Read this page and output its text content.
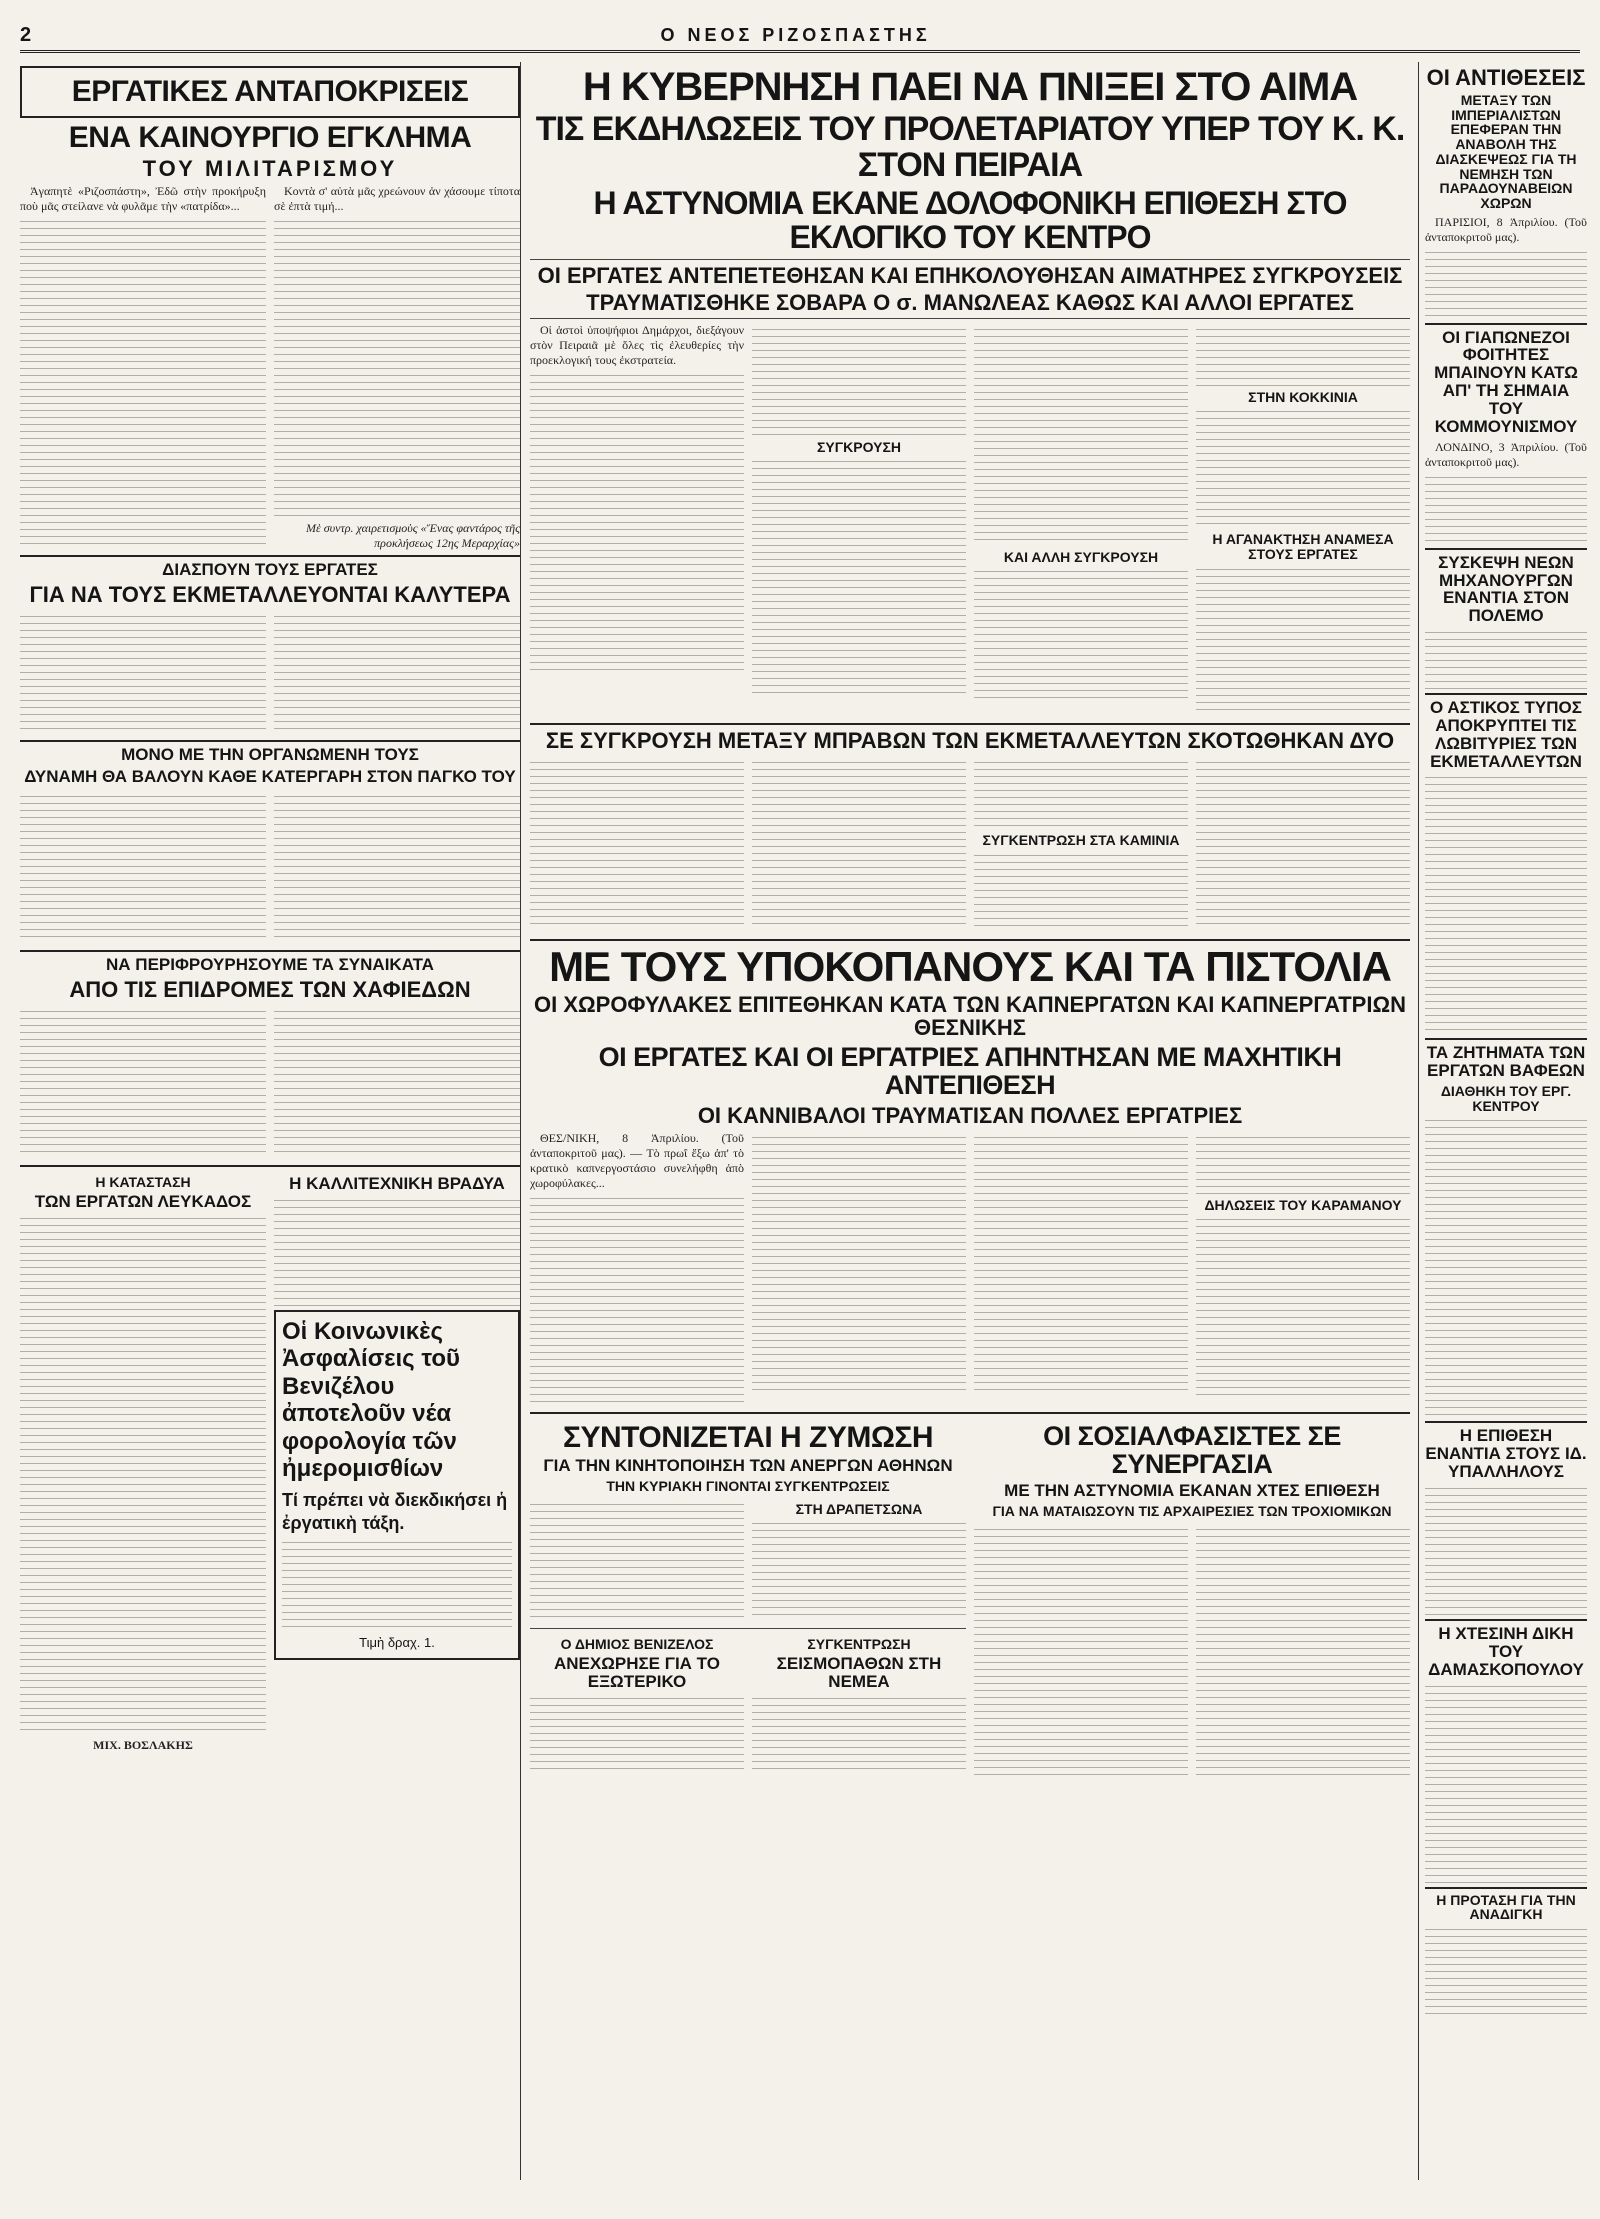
2	Ο ΝΕΟΣ ΡΙΖΟΣΠΑΣΤΗΣ
ΕΡΓΑΤΙΚΕΣ ΑΝΤΑΠΟΚΡΙΣΕΙΣ
ΕΝΑ ΚΑΙΝΟΥΡΓΙΟ ΕΓΚΛΗΜΑ
ΤΟΥ ΜΙΛΙΤΑΡΙΣΜΟΥ

Ἀγαπητὲ «Ριζοσπάστη», Ἐδῶ στὴν προκήρυξη ποὺ μᾶς στείλανε νὰ φυλᾶμε τὴν «πατρίδα»...

Κοντὰ σ' αὐτὰ μᾶς χρεώνουν ἀν χάσουμε τίποτα σὲ ἐπτὰ τιμή...

Μὲ συντρ. χαιρετισμοὺς «Ἕνας φαντάρος τῆς προκλήσεως 12ης Μεραρχίας»
ΔΙΑΣΠΟΥΝ ΤΟΥΣ ΕΡΓΑΤΕΣ
ΓΙΑ ΝΑ ΤΟΥΣ ΕΚΜΕΤΑΛΛΕΥΟΝΤΑΙ ΚΑΛΥΤΕΡΑ
ΜΟΝΟ ΜΕ ΤΗΝ ΟΡΓΑΝΩΜΕΝΗ ΤΟΥΣ
ΔΥΝΑΜΗ ΘΑ ΒΑΛΟΥΝ ΚΑΘΕ ΚΑΤΕΡΓΑΡΗ ΣΤΟΝ ΠΑΓΚΟ ΤΟΥ
ΝΑ ΠΕΡΙΦΡΟΥΡΗΣΟΥΜΕ ΤΑ ΣΥΝΑΙΚΑΤΑ
ΑΠΟ ΤΙΣ ΕΠΙΔΡΟΜΕΣ ΤΩΝ ΧΑΦΙΕΔΩΝ
Η ΚΑΤΑΣΤΑΣΗ
ΤΩΝ ΕΡΓΑΤΩΝ ΛΕΥΚΑΔΟΣ
ΜΙΧ. ΒΟΣΛΑΚΗΣ
Η ΚΑΛΛΙΤΕΧΝΙΚΗ ΒΡΑΔΥΑ
Οἱ Κοινωνικὲς Ἀσφαλίσεις τοῦ Βενιζέλου ἀποτελοῦν νέα φορολογία τῶν ἠμερομισθίων
Τί πρέπει νὰ διεκδικήσει ἡ ἐργατικὴ τάξη.
Τιμὴ δραχ. 1.
Η ΚΥΒΕΡΝΗΣΗ ΠΑΕΙ ΝΑ ΠΝΙΞΕΙ ΣΤΟ ΑΙΜΑ
ΤΙΣ ΕΚΔΗΛΩΣΕΙΣ ΤΟΥ ΠΡΟΛΕΤΑΡΙΑΤΟΥ ΥΠΕΡ ΤΟΥ Κ. Κ. ΣΤΟΝ ΠΕΙΡΑΙΑ
Η ΑΣΤΥΝΟΜΙΑ ΕΚΑΝΕ ΔΟΛΟΦΟΝΙΚΗ ΕΠΙΘΕΣΗ ΣΤΟ ΕΚΛΟΓΙΚΟ ΤΟΥ ΚΕΝΤΡΟ
ΟΙ ΕΡΓΑΤΕΣ ΑΝΤΕΠΕΤΕΘΗΣΑΝ ΚΑΙ ΕΠΗΚΟΛΟΥΘΗΣΑΝ ΑΙΜΑΤΗΡΕΣ ΣΥΓΚΡΟΥΣΕΙΣ
ΤΡΑΥΜΑΤΙΣΘΗΚΕ ΣΟΒΑΡΑ Ο σ. ΜΑΝΩΛΕΑΣ ΚΑΘΩΣ ΚΑΙ ΑΛΛΟΙ ΕΡΓΑΤΕΣ

Οἱ ἀστοὶ ὑποψήφιοι Δημάρχοι, διεξάγουν στὸν Πειραιᾶ μὲ ὅλες τὶς ἐλευθερίες τὴν προεκλογική τους ἐκστρατεία.

ΣΥΓΚΡΟΥΣΗ
ΚΑΙ ΑΛΛΗ ΣΥΓΚΡΟΥΣΗ
ΣΤΗΝ ΚΟΚΚΙΝΙΑ
Η ΑΓΑΝΑΚΤΗΣΗ ΑΝΑΜΕΣΑ ΣΤΟΥΣ ΕΡΓΑΤΕΣ
ΣΕ ΣΥΓΚΡΟΥΣΗ ΜΕΤΑΞΥ ΜΠΡΑΒΩΝ ΤΩΝ ΕΚΜΕΤΑΛΛΕΥΤΩΝ ΣΚΟΤΩΘΗΚΑΝ ΔΥΟ
ΣΥΓΚΕΝΤΡΩΣΗ ΣΤΑ ΚΑΜΙΝΙΑ
ΜΕ ΤΟΥΣ ΥΠΟΚΟΠΑΝΟΥΣ ΚΑΙ ΤΑ ΠΙΣΤΟΛΙΑ
ΟΙ ΧΩΡΟΦΥΛΑΚΕΣ ΕΠΙΤΕΘΗΚΑΝ ΚΑΤΑ ΤΩΝ ΚΑΠΝΕΡΓΑΤΩΝ ΚΑΙ ΚΑΠΝΕΡΓΑΤΡΙΩΝ ΘΕΣΝΙΚΗΣ
ΟΙ ΕΡΓΑΤΕΣ ΚΑΙ ΟΙ ΕΡΓΑΤΡΙΕΣ ΑΠΗΝΤΗΣΑΝ ΜΕ ΜΑΧΗΤΙΚΗ ΑΝΤΕΠΙΘΕΣΗ
ΟΙ ΚΑΝΝΙΒΑΛΟΙ ΤΡΑΥΜΑΤΙΣΑΝ ΠΟΛΛΕΣ ΕΡΓΑΤΡΙΕΣ

ΘΕΣ/ΝΙΚΗ, 8 Ἀπριλίου. (Τοῦ ἀνταποκριτοῦ μας). — Τὸ πρωΐ ἔξω ἀπ' τὸ κρατικὸ καπνεργοστάσιο συνελήφθη ἀπὸ χωροφύλακες...

ΔΗΛΩΣΕΙΣ ΤΟΥ ΚΑΡΑΜΑΝΟΥ
ΣΥΝΤΟΝΙΖΕΤΑΙ Η ΖΥΜΩΣΗ
ΓΙΑ ΤΗΝ ΚΙΝΗΤΟΠΟΙΗΣΗ ΤΩΝ ΑΝΕΡΓΩΝ ΑΘΗΝΩΝ
ΤΗΝ ΚΥΡΙΑΚΗ ΓΙΝΟΝΤΑΙ ΣΥΓΚΕΝΤΡΩΣΕΙΣ
ΣΤΗ ΔΡΑΠΕΤΣΩΝΑ
Ο ΔΗΜΙΟΣ ΒΕΝΙΖΕΛΟΣ
ΑΝΕΧΩΡΗΣΕ ΓΙΑ ΤΟ ΕΞΩΤΕΡΙΚΟ
ΣΥΓΚΕΝΤΡΩΣΗ
ΣΕΙΣΜΟΠΑΘΩΝ ΣΤΗ ΝΕΜΕΑ
ΟΙ ΣΟΣΙΑΛΦΑΣΙΣΤΕΣ ΣΕ ΣΥΝΕΡΓΑΣΙΑ
ΜΕ ΤΗΝ ΑΣΤΥΝΟΜΙΑ ΕΚΑΝΑΝ ΧΤΕΣ ΕΠΙΘΕΣΗ
ΓΙΑ ΝΑ ΜΑΤΑΙΩΣΟΥΝ ΤΙΣ ΑΡΧΑΙΡΕΣΙΕΣ ΤΩΝ ΤΡΟΧΙΟΜΙΚΩΝ
ΟΙ ΑΝΤΙΘΕΣΕΙΣ
ΜΕΤΑΞΥ ΤΩΝ ΙΜΠΕΡΙΑΛΙΣΤΩΝ ΕΠΕΦΕΡΑΝ ΤΗΝ ΑΝΑΒΟΛΗ ΤΗΣ ΔΙΑΣΚΕΨΕΩΣ ΓΙΑ ΤΗ ΝΕΜΗΣΗ ΤΩΝ ΠΑΡΑΔΟΥΝΑΒΕΙΩΝ ΧΩΡΩΝ

ΠΑΡΙΣΙΟΙ, 8 Ἀπριλίου. (Τοῦ ἀνταποκριτοῦ μας).

ΟΙ ΓΙΑΠΩΝΕΖΟΙ ΦΟΙΤΗΤΕΣ ΜΠΑΙΝΟΥΝ ΚΑΤΩ ΑΠ' ΤΗ ΣΗΜΑΙΑ ΤΟΥ ΚΟΜΜΟΥΝΙΣΜΟΥ

ΛΟΝΔΙΝΟ, 3 Ἀπριλίου. (Τοῦ ἀνταποκριτοῦ μας).

ΣΥΣΚΕΨΗ ΝΕΩΝ ΜΗΧΑΝΟΥΡΓΩΝ ΕΝΑΝΤΙΑ ΣΤΟΝ ΠΟΛΕΜΟ
Ο ΑΣΤΙΚΟΣ ΤΥΠΟΣ ΑΠΟΚΡΥΠΤΕΙ ΤΙΣ ΛΩΒΙΤΥΡΙΕΣ ΤΩΝ ΕΚΜΕΤΑΛΛΕΥΤΩΝ
ΤΑ ΖΗΤΗΜΑΤΑ ΤΩΝ ΕΡΓΑΤΩΝ ΒΑΦΕΩΝ
ΔΙΑΘΗΚΗ ΤΟΥ ΕΡΓ. ΚΕΝΤΡΟΥ
Η ΕΠΙΘΕΣΗ ΕΝΑΝΤΙΑ ΣΤΟΥΣ ΙΔ. ΥΠΑΛΛΗΛΟΥΣ
Η ΧΤΕΣΙΝΗ ΔΙΚΗ ΤΟΥ ΔΑΜΑΣΚΟΠΟΥΛΟΥ
Η ΠΡΟΤΑΣΗ ΓΙΑ ΤΗΝ ΑΝΑΔΙΓΚΗ
